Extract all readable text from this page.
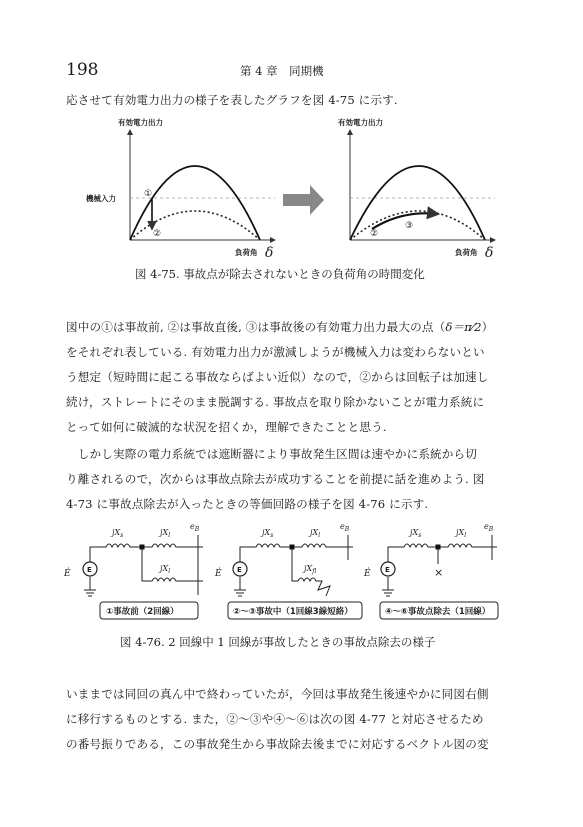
198	第 4 章　同期機
応させて有効電力出力の様子を表したグラフを図 4-75 に示す.
有効電力出力
機械入力	①
②
負荷角 δ
有効電力出力
②
③
負荷角 δ
図 4-75. 事故点が除去されないときの負荷角の時間変化
図中の①は事故前, ②は事故直後, ③は事故後の有効電力出力最大の点（δ＝π⁄2）
をそれぞれ表している. 有効電力出力が激減しようが機械入力は変わらないとい
う想定（短時間に起こる事故ならばよい近似）なので，②からは回転子は加速し
続け，ストレートにそのまま脱調する. 事故点を取り除かないことが電力系統に
とって如何に破滅的な状況を招くか，理解できたことと思う.
　しかし実際の電力系統では遮断器により事故発生区間は速やかに系統から切
り離されるので，次からは事故点除去が成功することを前提に話を進めよう. 図
4-73 に事故点除去が入ったときの等価回路の様子を図 4-76 に示す.
$jX_s$	$jX_l$
$jX_l$
$e_B$
Ė E
①事故前（2回線）
$jX_s$	$jX_l$
$jX_{fl}$
$e_B$
Ė E
②～③事故中（1回線3線短絡）
$jX_s$	$jX_l$
$e_B$
Ė	×
E
④～⑥事故点除去（1回線）
図 4-76. 2 回線中 1 回線が事故したときの事故点除去の様子
いままでは同回の真ん中で終わっていたが，今回は事故発生後速やかに同図右側
に移行するものとする. また，②～③や④～⑥は次の図 4-77 と対応させるため
の番号振りである，この事故発生から事故除去後までに対応するベクトル図の変
